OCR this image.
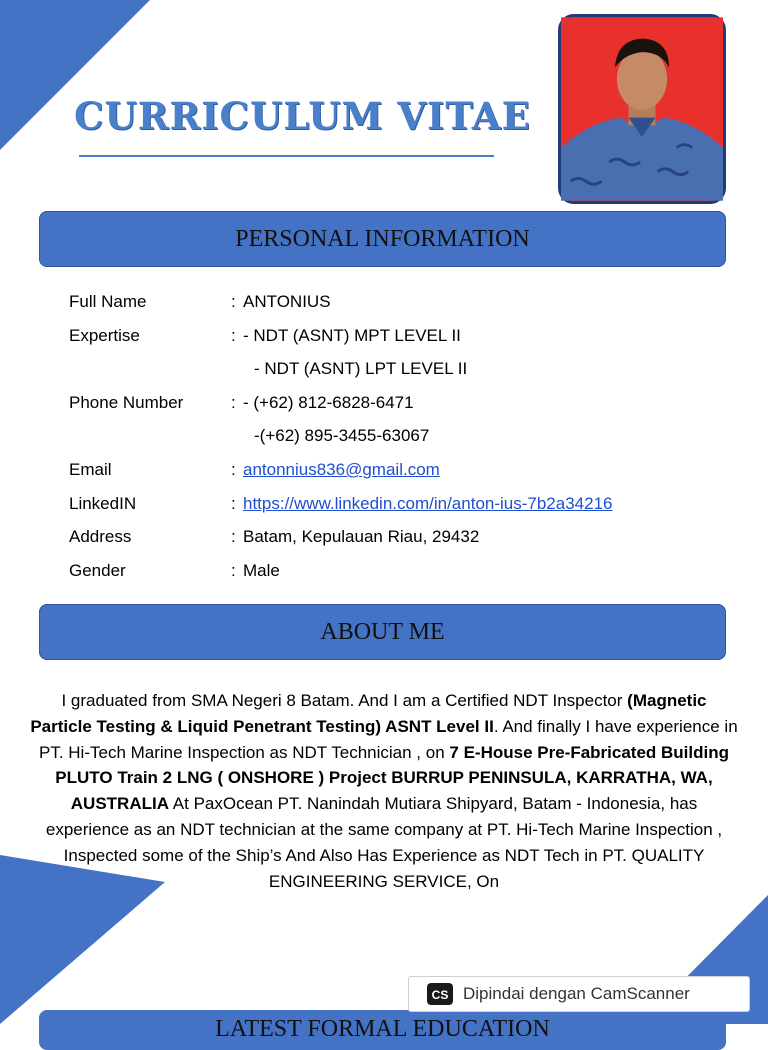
CURRICULUM VITAE
PERSONAL INFORMATION
Full Name	: ANTONIUS
Expertise	: - NDT (ASNT) MPT LEVEL II
- NDT (ASNT) LPT LEVEL II
Phone Number	: - (+62) 812-6828-6471
-(+62) 895-3455-63067
Email	: antonnius836@gmail.com
LinkedIN	: https://www.linkedin.com/in/anton-ius-7b2a34216
Address	: Batam, Kepulauan Riau, 29432
Gender	: Male
ABOUT ME

I graduated from SMA Negeri 8 Batam. And I am a Certified NDT Inspector (Magnetic Particle Testing & Liquid Penetrant Testing) ASNT Level II. And finally I have experience in PT. Hi-Tech Marine Inspection as NDT Technician , on 7 E-House Pre-Fabricated Building PLUTO Train 2 LNG ( ONSHORE ) Project BURRUP PENINSULA, KARRATHA, WA, AUSTRALIA At PaxOcean PT. Nanindah Mutiara Shipyard, Batam - Indonesia, has experience as an NDT technician at the same company at PT. Hi-Tech Marine Inspection , Inspected some of the Ship’s And Also Has Experience as NDT Tech in PT. QUALITY ENGINEERING SERVICE, On

LATEST FORMAL EDUCATION
CS Dipindai dengan CamScanner
